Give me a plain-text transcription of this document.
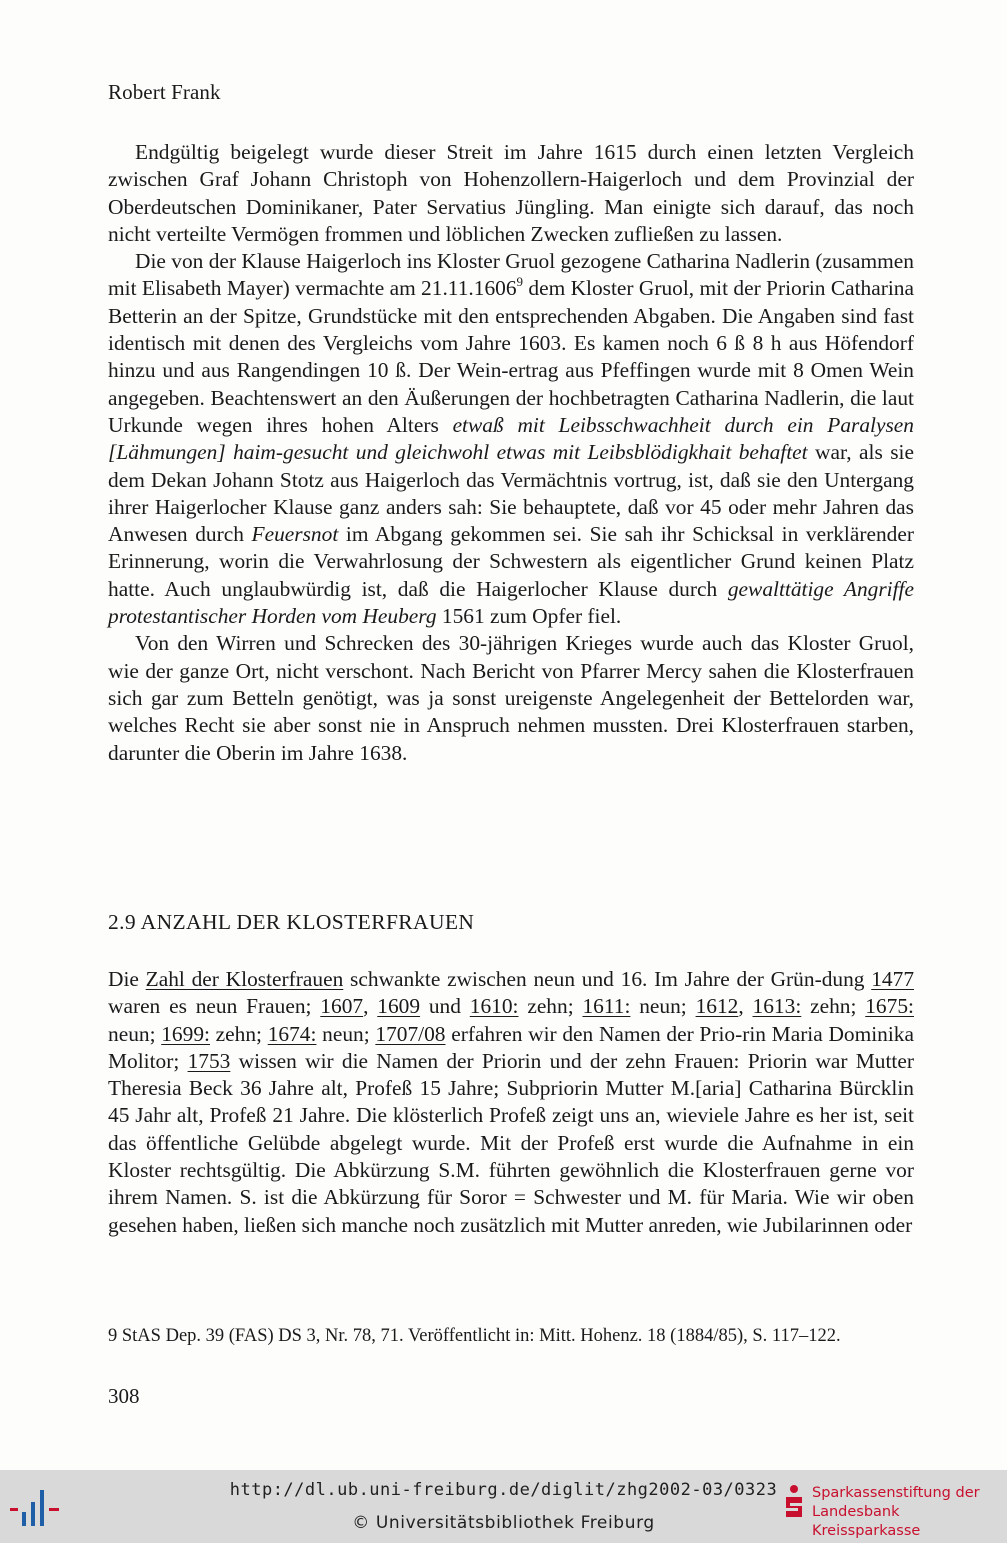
Robert Frank

Endgültig beigelegt wurde dieser Streit im Jahre 1615 durch einen letzten Vergleich zwischen Graf Johann Christoph von Hohenzollern-Haigerloch und dem Provinzial der Oberdeutschen Dominikaner, Pater Servatius Jüngling. Man einigte sich darauf, das noch nicht verteilte Vermögen frommen und löblichen Zwecken zufließen zu lassen.

Die von der Klause Haigerloch ins Kloster Gruol gezogene Catharina Nadlerin (zusammen mit Elisabeth Mayer) vermachte am 21.11.1606$^9$ dem Kloster Gruol, mit der Priorin Catharina Betterin an der Spitze, Grundstücke mit den entsprechenden Abgaben. Die Angaben sind fast identisch mit denen des Vergleichs vom Jahre 1603. Es kamen noch 6 ß 8 h aus Höfendorf hinzu und aus Rangendingen 10 ß. Der Wein-ertrag aus Pfeffingen wurde mit 8 Omen Wein angegeben. Beachtenswert an den Äußerungen der hochbetragten Catharina Nadlerin, die laut Urkunde wegen ihres hohen Alters etwaß mit Leibsschwachheit durch ein Paralysen [Lähmungen] haim-gesucht und gleichwohl etwas mit Leibsblödigkhait behaftet war, als sie dem Dekan Johann Stotz aus Haigerloch das Vermächtnis vortrug, ist, daß sie den Untergang ihrer Haigerlocher Klause ganz anders sah: Sie behauptete, daß vor 45 oder mehr Jahren das Anwesen durch Feuersnot im Abgang gekommen sei. Sie sah ihr Schicksal in verklärender Erinnerung, worin die Verwahrlosung der Schwestern als eigentlicher Grund keinen Platz hatte. Auch unglaubwürdig ist, daß die Haigerlocher Klause durch gewalttätige Angriffe protestantischer Horden vom Heuberg 1561 zum Opfer fiel.

Von den Wirren und Schrecken des 30-jährigen Krieges wurde auch das Kloster Gruol, wie der ganze Ort, nicht verschont. Nach Bericht von Pfarrer Mercy sahen die Klosterfrauen sich gar zum Betteln genötigt, was ja sonst ureigenste Angelegenheit der Bettelorden war, welches Recht sie aber sonst nie in Anspruch nehmen mussten. Drei Klosterfrauen starben, darunter die Oberin im Jahre 1638.

2.9 ANZAHL DER KLOSTERFRAUEN

Die Zahl der Klosterfrauen schwankte zwischen neun und 16. Im Jahre der Grün-dung 1477 waren es neun Frauen; 1607, 1609 und 1610: zehn; 1611: neun; 1612, 1613: zehn; 1675: neun; 1699: zehn; 1674: neun; 1707/08 erfahren wir den Namen der Prio-rin Maria Dominika Molitor; 1753 wissen wir die Namen der Priorin und der zehn Frauen: Priorin war Mutter Theresia Beck 36 Jahre alt, Profeß 15 Jahre; Subpriorin Mutter M.[aria] Catharina Bürcklin 45 Jahr alt, Profeß 21 Jahre. Die klösterlich Profeß zeigt uns an, wieviele Jahre es her ist, seit das öffentliche Gelübde abgelegt wurde. Mit der Profeß erst wurde die Aufnahme in ein Kloster rechtsgültig. Die Abkürzung S.M. führten gewöhnlich die Klosterfrauen gerne vor ihrem Namen. S. ist die Abkürzung für Soror = Schwester und M. für Maria. Wie wir oben gesehen haben, ließen sich manche noch zusätzlich mit Mutter anreden, wie Jubilarinnen oder

9 StAS Dep. 39 (FAS) DS 3, Nr. 78, 71. Veröffentlicht in: Mitt. Hohenz. 18 (1884/85), S. 117–122.

308
http://dl.ub.uni-freiburg.de/diglit/zhg2002-03/0323
© Universitätsbibliothek Freiburg
Sparkassenstiftung der
Landesbank Kreissparkasse
